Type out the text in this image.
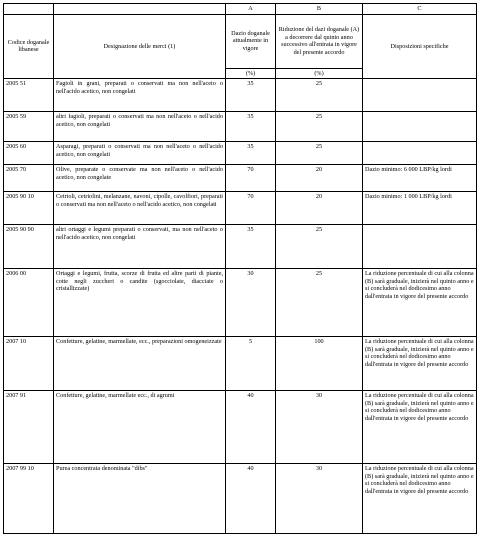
		A	B	C
Codice doganale libanese	Designazione delle merci (1)	Dazio doganale attualmente in vigore	Riduzione del dazi doganale (A) a decorrere dal quinto anno successivo all'entrata in vigore del presente accordo	Disposizioni specifiche
		(%)	(%)	
2005 51	Fagioli in grani, preparati o conservati ma non nell'aceto o nell'acido acetico, non congelati	35	25	
2005 59	altri fagioli, preparati o conservati ma non nell'aceto o nell'acido acetico, non congelati	35	25	
2005 60	Asparagi, preparati o conservati ma non nell'aceto o nell'acido acetico, non congelati	35	25	
2005 70	Olive, preparate o conservate ma non nell'aceto o nell'acido acetico, non congelate	70	20	Dazio minimo: 6 000 LBP/kg lordi
2005 90 10	Cetrioli, cetriolini, melanzane, navoni, cipolle, cavolfiori, preparati o conservati ma non nell'aceto o nell'acido acetico, non congelati	70	20	Dazio minimo: 1 000 LBP/kg lordi
2005 90 90	altri ortaggi e legumi preparati o conservati, ma non nell'aceto o nell'acido acetico, non congelati	35	25	
2006 00	Ortaggi e legumi, frutta, scorze di frutta ed altre parti di piante, cotte negli zuccheri o candite (sgocciolate, diacciate o cristallizzate)	30	25	La riduzione percentuale di cui alla colonna (B) sarà graduale, inizierà nel quinto anno e si concluderà nel dodicesimo anno dall'entrata in vigore del presente accordo
2007 10	Confetture, gelatine, marmellate, ecc., preparazioni omogeneizzate	5	100	La riduzione percentuale di cui alla colonna (B) sarà graduale, inizierà nel quinto anno e si concluderà nel dodicesimo anno dall'entrata in vigore del presente accordo
2007 91	Confetture, gelatine, marmellate ecc., di agrumi	40	30	La riduzione percentuale di cui alla colonna (B) sarà graduale, inizierà nel quinto anno e si concluderà nel dodicesimo anno dall'entrata in vigore del presente accordo
2007 99 10	Purea concentrata denominata "dibs"	40	30	La riduzione percentuale di cui alla colonna (B) sarà graduale, inizierà nel quinto anno e si concluderà nel dodicesimo anno dall'entrata in vigore del presente accordo
